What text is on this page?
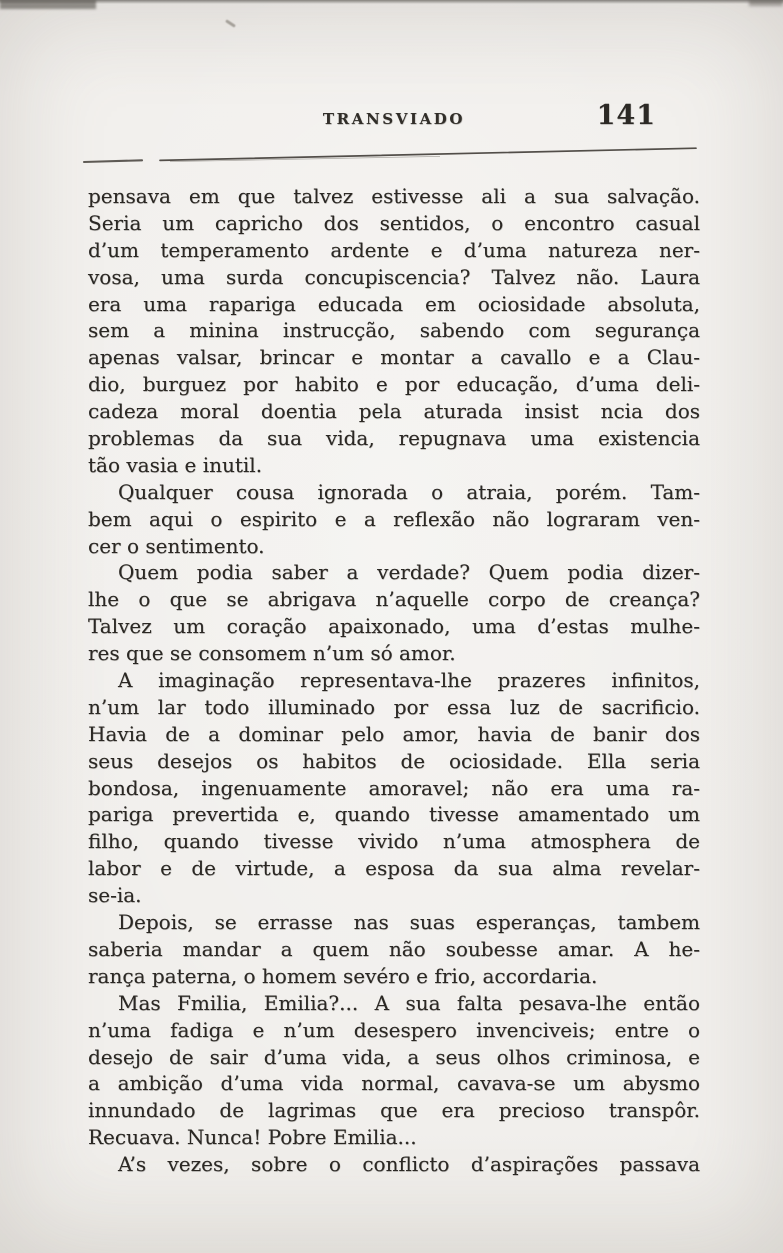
TRANSVIADO	141
pensava em que talvez estivesse ali a sua salvação.
Seria um capricho dos sentidos, o encontro casual
d’um temperamento ardente e d’uma natureza ner-
vosa, uma surda concupiscencia? Talvez não. Laura
era uma rapariga educada em ociosidade absoluta,
sem a minina instrucção, sabendo com segurança
apenas valsar, brincar e montar a cavallo e a Clau-
dio, burguez por habito e por educação, d’uma deli-
cadeza moral doentia pela aturada insist ncia dos
problemas da sua vida, repugnava uma existencia
tão vasia e inutil.
Qualquer cousa ignorada o atraia, porém. Tam-
bem aqui o espirito e a reflexão não lograram ven-
cer o sentimento.
Quem podia saber a verdade? Quem podia dizer-
lhe o que se abrigava n’aquelle corpo de creança?
Talvez um coração apaixonado, uma d’estas mulhe-
res que se consomem n’um só amor.
A imaginação representava-lhe prazeres infinitos,
n’um lar todo illuminado por essa luz de sacrificio.
Havia de a dominar pelo amor, havia de banir dos
seus desejos os habitos de ociosidade. Ella seria
bondosa, ingenuamente amoravel; não era uma ra-
pariga prevertida e, quando tivesse amamentado um
filho, quando tivesse vivido n’uma atmosphera de
labor e de virtude, a esposa da sua alma revelar-
se-ia.
Depois, se errasse nas suas esperanças, tambem
saberia mandar a quem não soubesse amar. A he-
rança paterna, o homem sevéro e frio, accordaria.
Mas Fmilia, Emilia?... A sua falta pesava-lhe então
n’uma fadiga e n’um desespero invenciveis; entre o
desejo de sair d’uma vida, a seus olhos criminosa, e
a ambição d’uma vida normal, cavava-se um abysmo
innundado de lagrimas que era precioso transpôr.
Recuava. Nunca! Pobre Emilia...
A’s vezes, sobre o conflicto d’aspirações passava
